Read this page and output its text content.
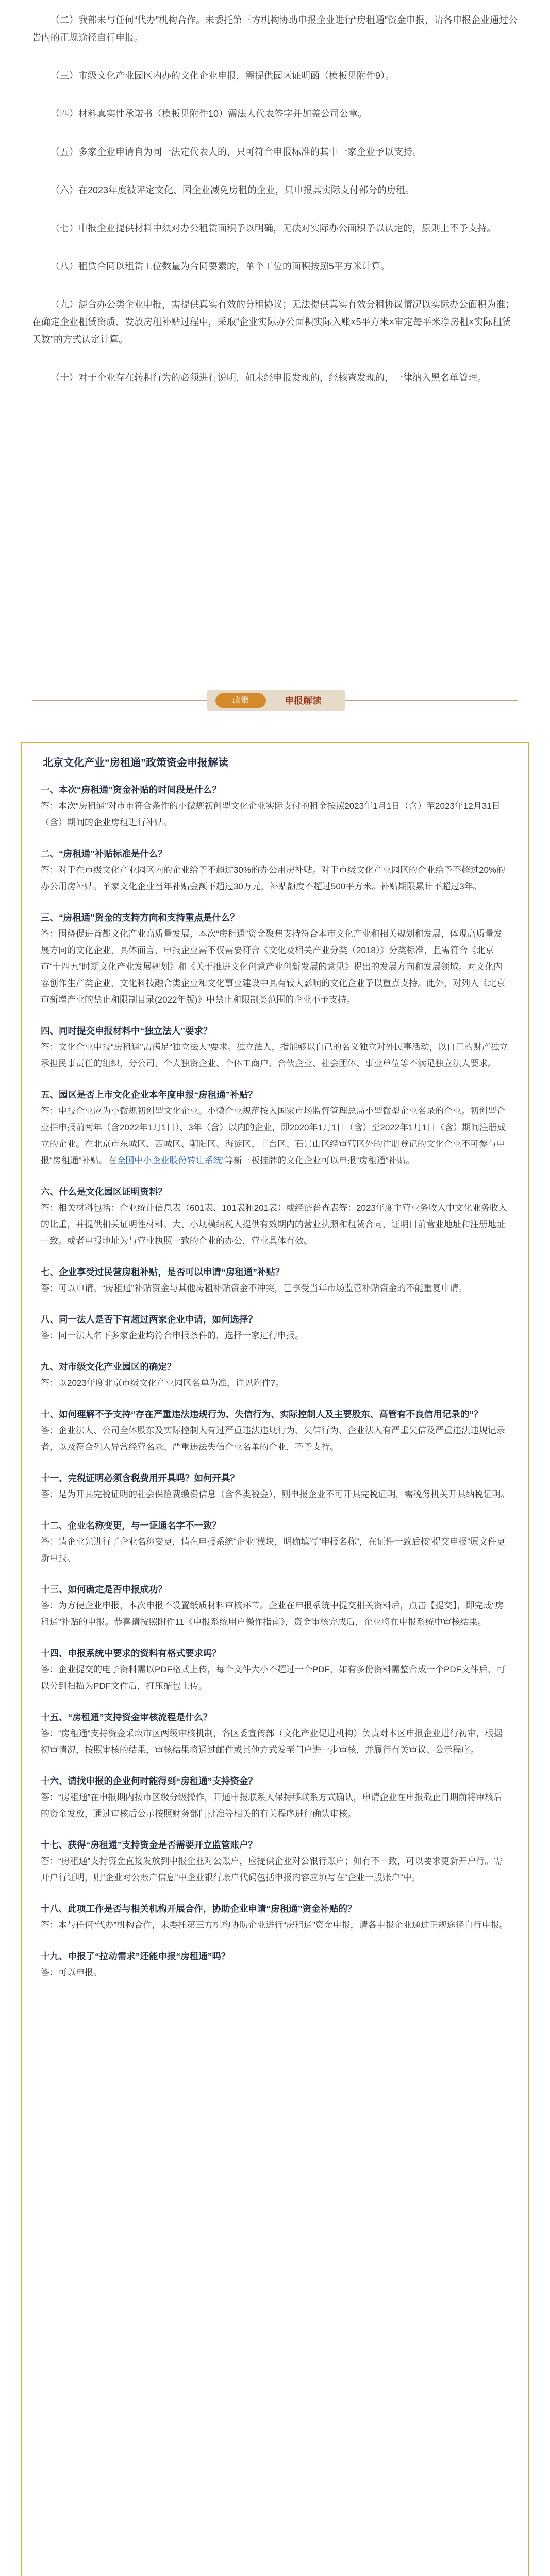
（二）我部未与任何“代办”机构合作。未委托第三方机构协助申报企业进行“房租通”资金申报，请各申报企业通过公告内的正规途径自行申报。

（三）市级文化产业园区内办的文化企业申报，需提供园区证明函（模板见附件9）。

（四）材料真实性承诺书（模板见附件10）需法人代表签字并加盖公司公章。

（五）多家企业申请自为同一法定代表人的，只可符合申报标准的其中一家企业予以支持。

（六）在2023年度被评定文化、园企业减免房租的企业，只申报其实际支付部分的房租。

（七）申报企业提供材料中须对办公租赁面积予以明确，无法对实际办公面积予以认定的，原则上不予支持。

（八）租赁合同以租赁工位数量为合同要素的，单个工位的面积按照5平方米计算。

（九）混合办公类企业申报，需提供真实有效的分租协议；无法提供真实有效分租协议情况以实际办公面积为准；在确定企业租赁资质、发放房租补贴过程中，采取“企业实际办公面积实际入账×5平方米×审定每平米净房租×实际租赁天数”的方式认定计算。

（十）对于企业存在转租行为的必须进行说明，如未经申报发现的，经核查发现的，一律纳入黑名单管理。

政策	申报解读
北京文化产业“房租通”政策资金申报解读

一、本次“房租通”资金补贴的时间段是什么？

答：本次“房租通”对市市符合条件的小微规初创型文化企业实际支付的租金按照2023年1月1日（含）至2023年12月31日（含）期间的企业房租进行补贴。

二、“房租通”补贴标准是什么？

答：对于在市级文化产业园区内的企业给予不超过30%的办公用房补贴。对于市级文化产业园区的企业给予不超过20%的办公用房补贴。单家文化企业当年补贴金额不超过30万元，补贴额度不超过500平方米。补贴期限累计不超过3年。

三、“房租通”资金的支持方向和支持重点是什么？

答：围绕促进首都文化产业高质量发展，本次“房租通”资金聚焦支持符合本市文化产业和相关规划和发展，体现高质量发展方向的文化企业，具体而言，申报企业需不仅需要符合《文化及相关产业分类（2018）》分类标准，且需符合《北京市“十四五”时期文化产业发展规划》和《关于推进文化创意产业创新发展的意见》提出的发展方向和发展领域。对文化内容创作生产类企业、文化科技融合类企业和文化事业建设中具有较大影响的文化企业予以重点支持。此外，对列入《北京市新增产业的禁止和限制目录(2022年版)》中禁止和限制类范围的企业不予支持。

四、同时提交申报材料中“独立法人”要求？

答：文化企业申报“房租通”需满足“独立法人”要求。独立法人，指能够以自己的名义独立对外民事活动，以自己的财产独立承担民事责任的组织，分公司、个人独资企业、个体工商户、合伙企业、社会团体、事业单位等不满足独立法人要求。

五、园区是否上市文化企业本年度申报“房租通”补贴？

答：申报企业应为小微规初创型文化企业。小微企业规范按入国家市场监督管理总局小型微型企业名录的企业。初创型企业指申报前两年（含2022年1月1日）、3年（含）以内的企业，即2020年1月1日（含）至2022年1月1日（含）期间注册成立的企业。在北京市东城区、西城区、朝阳区、海淀区、丰台区、石景山区经审营区外的注册登记的文化企业不可参与申报“房租通”补贴。在全国中小企业股份转让系统”等新三板挂牌的文化企业可以申报“房租通”补贴。

六、什么是文化园区证明资料？

答：相关材料包括：企业统计信息表（601表、101表和201表）或经济普查表等：2023年度主营业务收入中文化业务收入的比重，并提供相关证明性材料。大、小规模纳税人提供有效期内的营业执照和租赁合同，证明目前营业地址和注册地址一致。或者申报地址为与营业执照一致的企业的办公，营业具体有效。

七、企业享受过民营房租补贴，是否可以申请“房租通”补贴？

答：可以申请。“房租通”补贴资金与其他房租补贴资金不冲突，已享受当年市场监管补贴资金的不能重复申请。

八、同一法人是否下有超过两家企业申请，如何选择？

答：同一法人名下多家企业均符合申报条件的，选择一家进行申报。

九、对市级文化产业园区的确定？

答：以2023年度北京市级文化产业园区名单为准，详见附件7。

十、如何理解不予支持“存在严重违法违规行为、失信行为、实际控制人及主要股东、高管有不良信用记录的”？

答：企业法人、公司全体股东及实际控制人有过严重违法违规行为、失信行为、企业法人有严重失信及严重违法违规记录者，以及符合列入异常经营名录、严重违法失信企业名单的企业，不予支持。

十一、完税证明必须含税费用开具吗？如何开具？

答：是为开具完税证明的社会保险费缴费信息（含各类税金），则申报企业不可开具完税证明，需税务机关开具纳税证明。

十二、企业名称变更，与一证通名字不一致？

答：请企业先进行了企业名称变更，请在申报系统“企业”模块，明确填写“申报名称”，在证件一致后按“提交申报”原文件更新申报。

十三、如何确定是否申报成功？

答：为方便企业申报，本次申报不设置纸质材料审核环节。企业在申报系统中提交相关资料后，点击【提交】，即完成“房租通”补贴的申报。恭喜请按照附件11《申报系统用户操作指南》，资金审核完成后，企业将在申报系统中审核结果。

十四、申报系统中要求的资料有格式要求吗？

答：企业提交的电子资料需以PDF格式上传，每个文件大小不超过一个PDF，如有多份资料需整合成一个PDF文件后，可以分到扫描为PDF文件后，打压缩包上传。

十五、“房租通”支持资金审核流程是什么？

答：“房租通”支持资金采取市区两级审核机制，各区委宣传部（文化产业促进机构）负责对本区申报企业进行初审，根据初审情况，按照审核的结果，审核结果将通过邮件或其他方式发至门户进一步审核，并履行有关审议、公示程序。

十六、请找申报的企业何时能得到“房租通”支持资金？

答：“房租通”在申报期内按市区级分级操作，开通申报联系人保持移联系方式确认，申请企业在申报截止日期前将审核后的资金发放，通过审核后公示按照财务部门批准等相关的有关程序进行确认审核。

十七、获得“房租通”支持资金是否需要开立监管账户？

答：“房租通”支持资金直接发放到申报企业对公账户，应提供企业对公银行账户；如有不一致，可以要求更新开户行。需开户行证明，则“企业对公账户信息”中企业银行账户代码包括申报内容应填写在“企业一般账户”中。

十八、此项工作是否与相关机构开展合作，协助企业申请“房租通”资金补贴的？

答：本与任何“代办”机构合作，未委托第三方机构协助企业进行“房租通”资金申报，请各申报企业通过正规途径自行申报。

十九、申报了“拉动需求”还能申报“房租通”吗？

答：可以申报。
